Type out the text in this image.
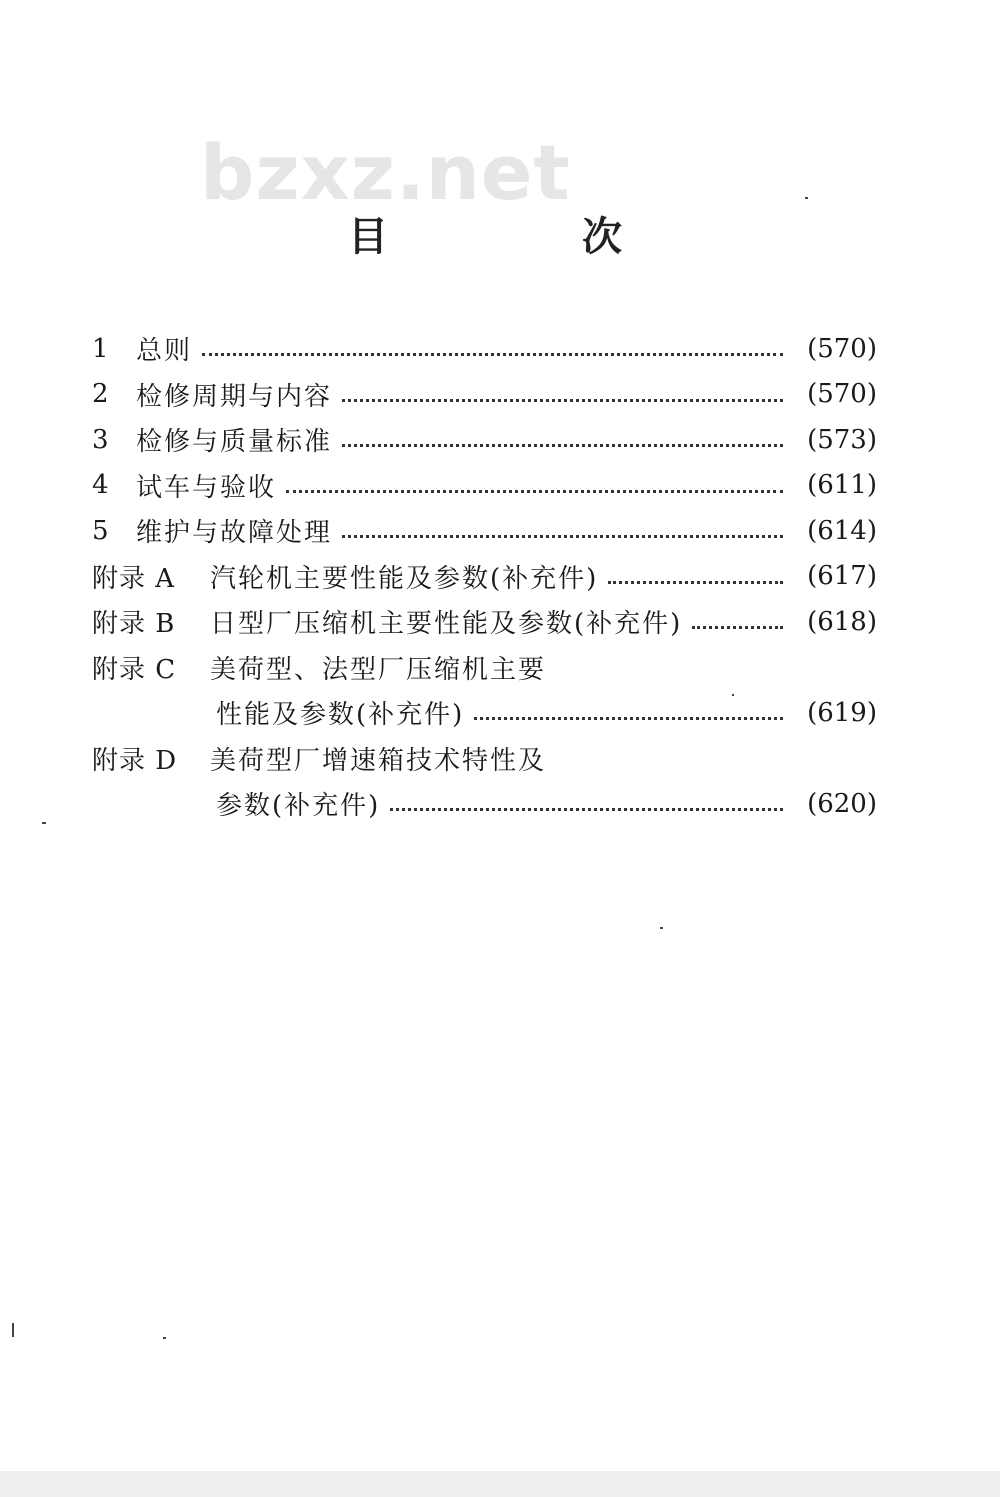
bzxz.net
目 次
1	总则	(570)
2	检修周期与内容	(570)
3	检修与质量标准	(573)
4	试车与验收	(611)
5	维护与故障处理	(614)
附录 A	汽轮机主要性能及参数(补充件)	(617)
附录 B	日型厂压缩机主要性能及参数(补充件)	(618)
附录 C	美荷型、法型厂压缩机主要
性能及参数(补充件)	(619)
附录 D	美荷型厂增速箱技术特性及
参数(补充件)	(620)
